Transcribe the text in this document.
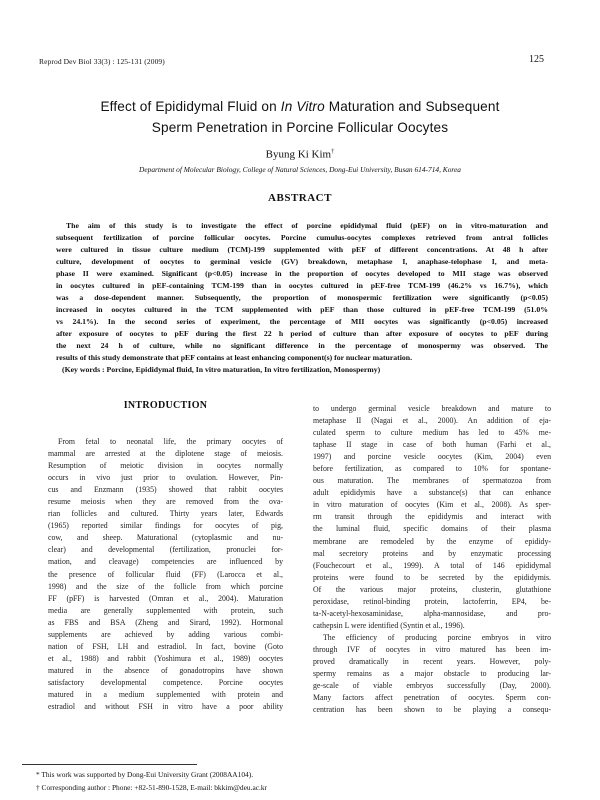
Reprod Dev Biol 33(3) : 125-131 (2009)	125
Effect of Epididymal Fluid on In Vitro Maturation and Subsequent
Sperm Penetration in Porcine Follicular Oocytes
Byung Ki Kim†
Department of Molecular Biology, College of Natural Sciences, Dong-Eui University, Busan 614-714, Korea
ABSTRACT
The aim of this study is to investigate the effect of porcine epididymal fluid (pEF) on in vitro-maturation and
subsequent fertilization of porcine follicular oocytes. Porcine cumulus-oocytes complexes retrieved from antral follicles
were cultured in tissue culture medium (TCM)-199 supplemented with pEF of different concentrations. At 48 h after
culture, development of oocytes to germinal vesicle (GV) breakdown, metaphase I, anaphase-telophase I, and meta-
phase II were examined. Significant (p<0.05) increase in the proportion of oocytes developed to MII stage was observed
in oocytes cultured in pEF-containing TCM-199 than in oocytes cultured in pEF-free TCM-199 (46.2% vs 16.7%), which
was a dose-dependent manner. Subsequently, the proportion of monospermic fertilization were significantly (p<0.05)
increased in oocytes cultured in the TCM supplemented with pEF than those cultured in pEF-free TCM-199 (51.0%
vs 24.1%). In the second series of experiment, the percentage of MII oocytes was significantly (p<0.05) increased
after exposure of oocytes to pEF during the first 22 h period of culture than after exposure of oocytes to pEF during
the next 24 h of culture, while no significant difference in the percentage of monospermy was observed. The
results of this study demonstrate that pEF contains at least enhancing component(s) for nuclear maturation.
(Key words : Porcine, Epididymal fluid, In vitro maturation, In vitro fertilization, Monospermy)
INTRODUCTION
From fetal to neonatal life, the primary oocytes of
mammal are arrested at the diplotene stage of meiosis.
Resumption of meiotic division in oocytes normally
occurs in vivo just prior to ovulation. However, Pin-
cus and Enzmann (1935) showed that rabbit oocytes
resume meiosis when they are removed from the ova-
rian follicles and cultured. Thirty years later, Edwards
(1965) reported similar findings for oocytes of pig,
cow, and sheep. Maturational (cytoplasmic and nu-
clear) and developmental (fertilization, pronuclei for-
mation, and cleavage) competencies are influenced by
the presence of follicular fluid (FF) (Larocca et al.,
1998) and the size of the follicle from which porcine
FF (pFF) is harvested (Omran et al., 2004). Maturation
media are generally supplemented with protein, such
as FBS and BSA (Zheng and Sirard, 1992). Hormonal
supplements are achieved by adding various combi-
nation of FSH, LH and estradiol. In fact, bovine (Goto
et al., 1988) and rabbit (Yoshimura et al., 1989) oocytes
matured in the absence of gonadotropins have shown
satisfactory developmental competence. Porcine oocytes
matured in a medium supplemented with protein and
estradiol and without FSH in vitro have a poor ability
to undergo germinal vesicle breakdown and mature to
metaphase II (Nagai et al., 2000). An addition of eja-
culated sperm to culture medium has led to 45% me-
taphase II stage in case of both human (Farhi et al.,
1997) and porcine vesicle oocytes (Kim, 2004) even
before fertilization, as compared to 10% for spontane-
ous maturation. The membranes of spermatozoa from
adult epididymis have a substance(s) that can enhance
in vitro maturation of oocytes (Kim et al., 2008). As sper-
rm transit through the epididymis and interact with
the luminal fluid, specific domains of their plasma
membrane are remodeled by the enzyme of epididy-
mal secretory proteins and by enzymatic processing
(Fouchecourt et al., 1999). A total of 146 epididymal
proteins were found to be secreted by the epididymis.
Of the various major proteins, clusterin, glutathione
peroxidase, retinol-binding protein, lactoferrin, EP4, be-
ta-N-acetyl-hexosaminidase, alpha-mannosidase, and pro-
cathepsin L were identified (Syntin et al., 1996).
The efficiency of producing porcine embryos in vitro
through IVF of oocytes in vitro matured has been im-
proved dramatically in recent years. However, poly-
spermy remains as a major obstacle to producing lar-
ge-scale of viable embryos successfully (Day, 2000).
Many factors affect penetration of oocytes. Sperm con-
centration has been shown to be playing a consequ-
* This work was supported by Dong-Eui University Grant (2008AA104).
† Corresponding author : Phone: +82-51-890-1528, E-mail: bkkim@deu.ac.kr
